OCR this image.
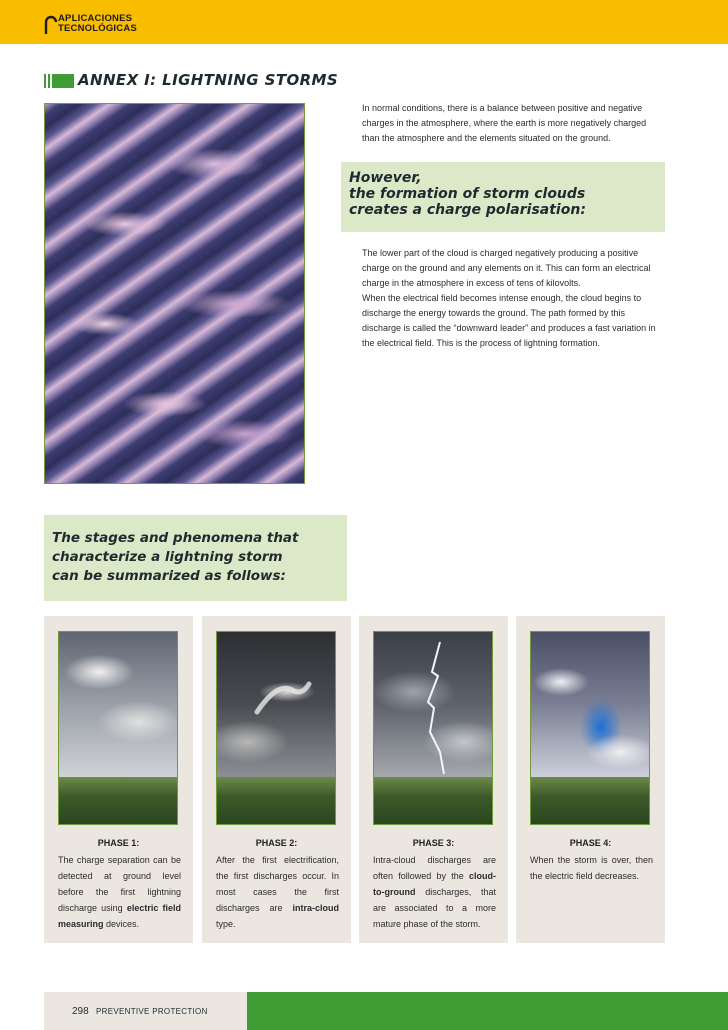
APLICACIONES
TECNOLÓGICAS
ANNEX I: LIGHTNING STORMS
In normal conditions, there is a balance between positive and negative charges in the atmosphere, where the earth is more negatively charged than the atmosphere and the elements situated on the ground.
However,
the formation of storm clouds
creates a charge polarisation:
The lower part of the cloud is charged negatively producing a positive charge on the ground and any elements on it. This can form an electrical charge in the atmosphere in excess of tens of kilovolts.
When the electrical field becomes intense enough, the cloud begins to discharge the energy towards the ground. The path formed by this discharge is called the “downward leader” and produces a fast variation in the electrical field. This is the process of lightning formation.
The stages and phenomena that
characterize a lightning storm
can be summarized as follows:
PHASE 1:
The charge separation can be detected at ground level before the first lightning discharge using electric field measuring devices.
PHASE 2:
After the first electrification, the first discharges occur. In most cases the first discharges are intra-cloud type.
PHASE 3:
Intra-cloud discharges are often followed by the cloud-to-ground discharges, that are associated to a more mature phase of the storm.
PHASE 4:
When the storm is over, then the electric field decreases.
298 PREVENTIVE PROTECTION
